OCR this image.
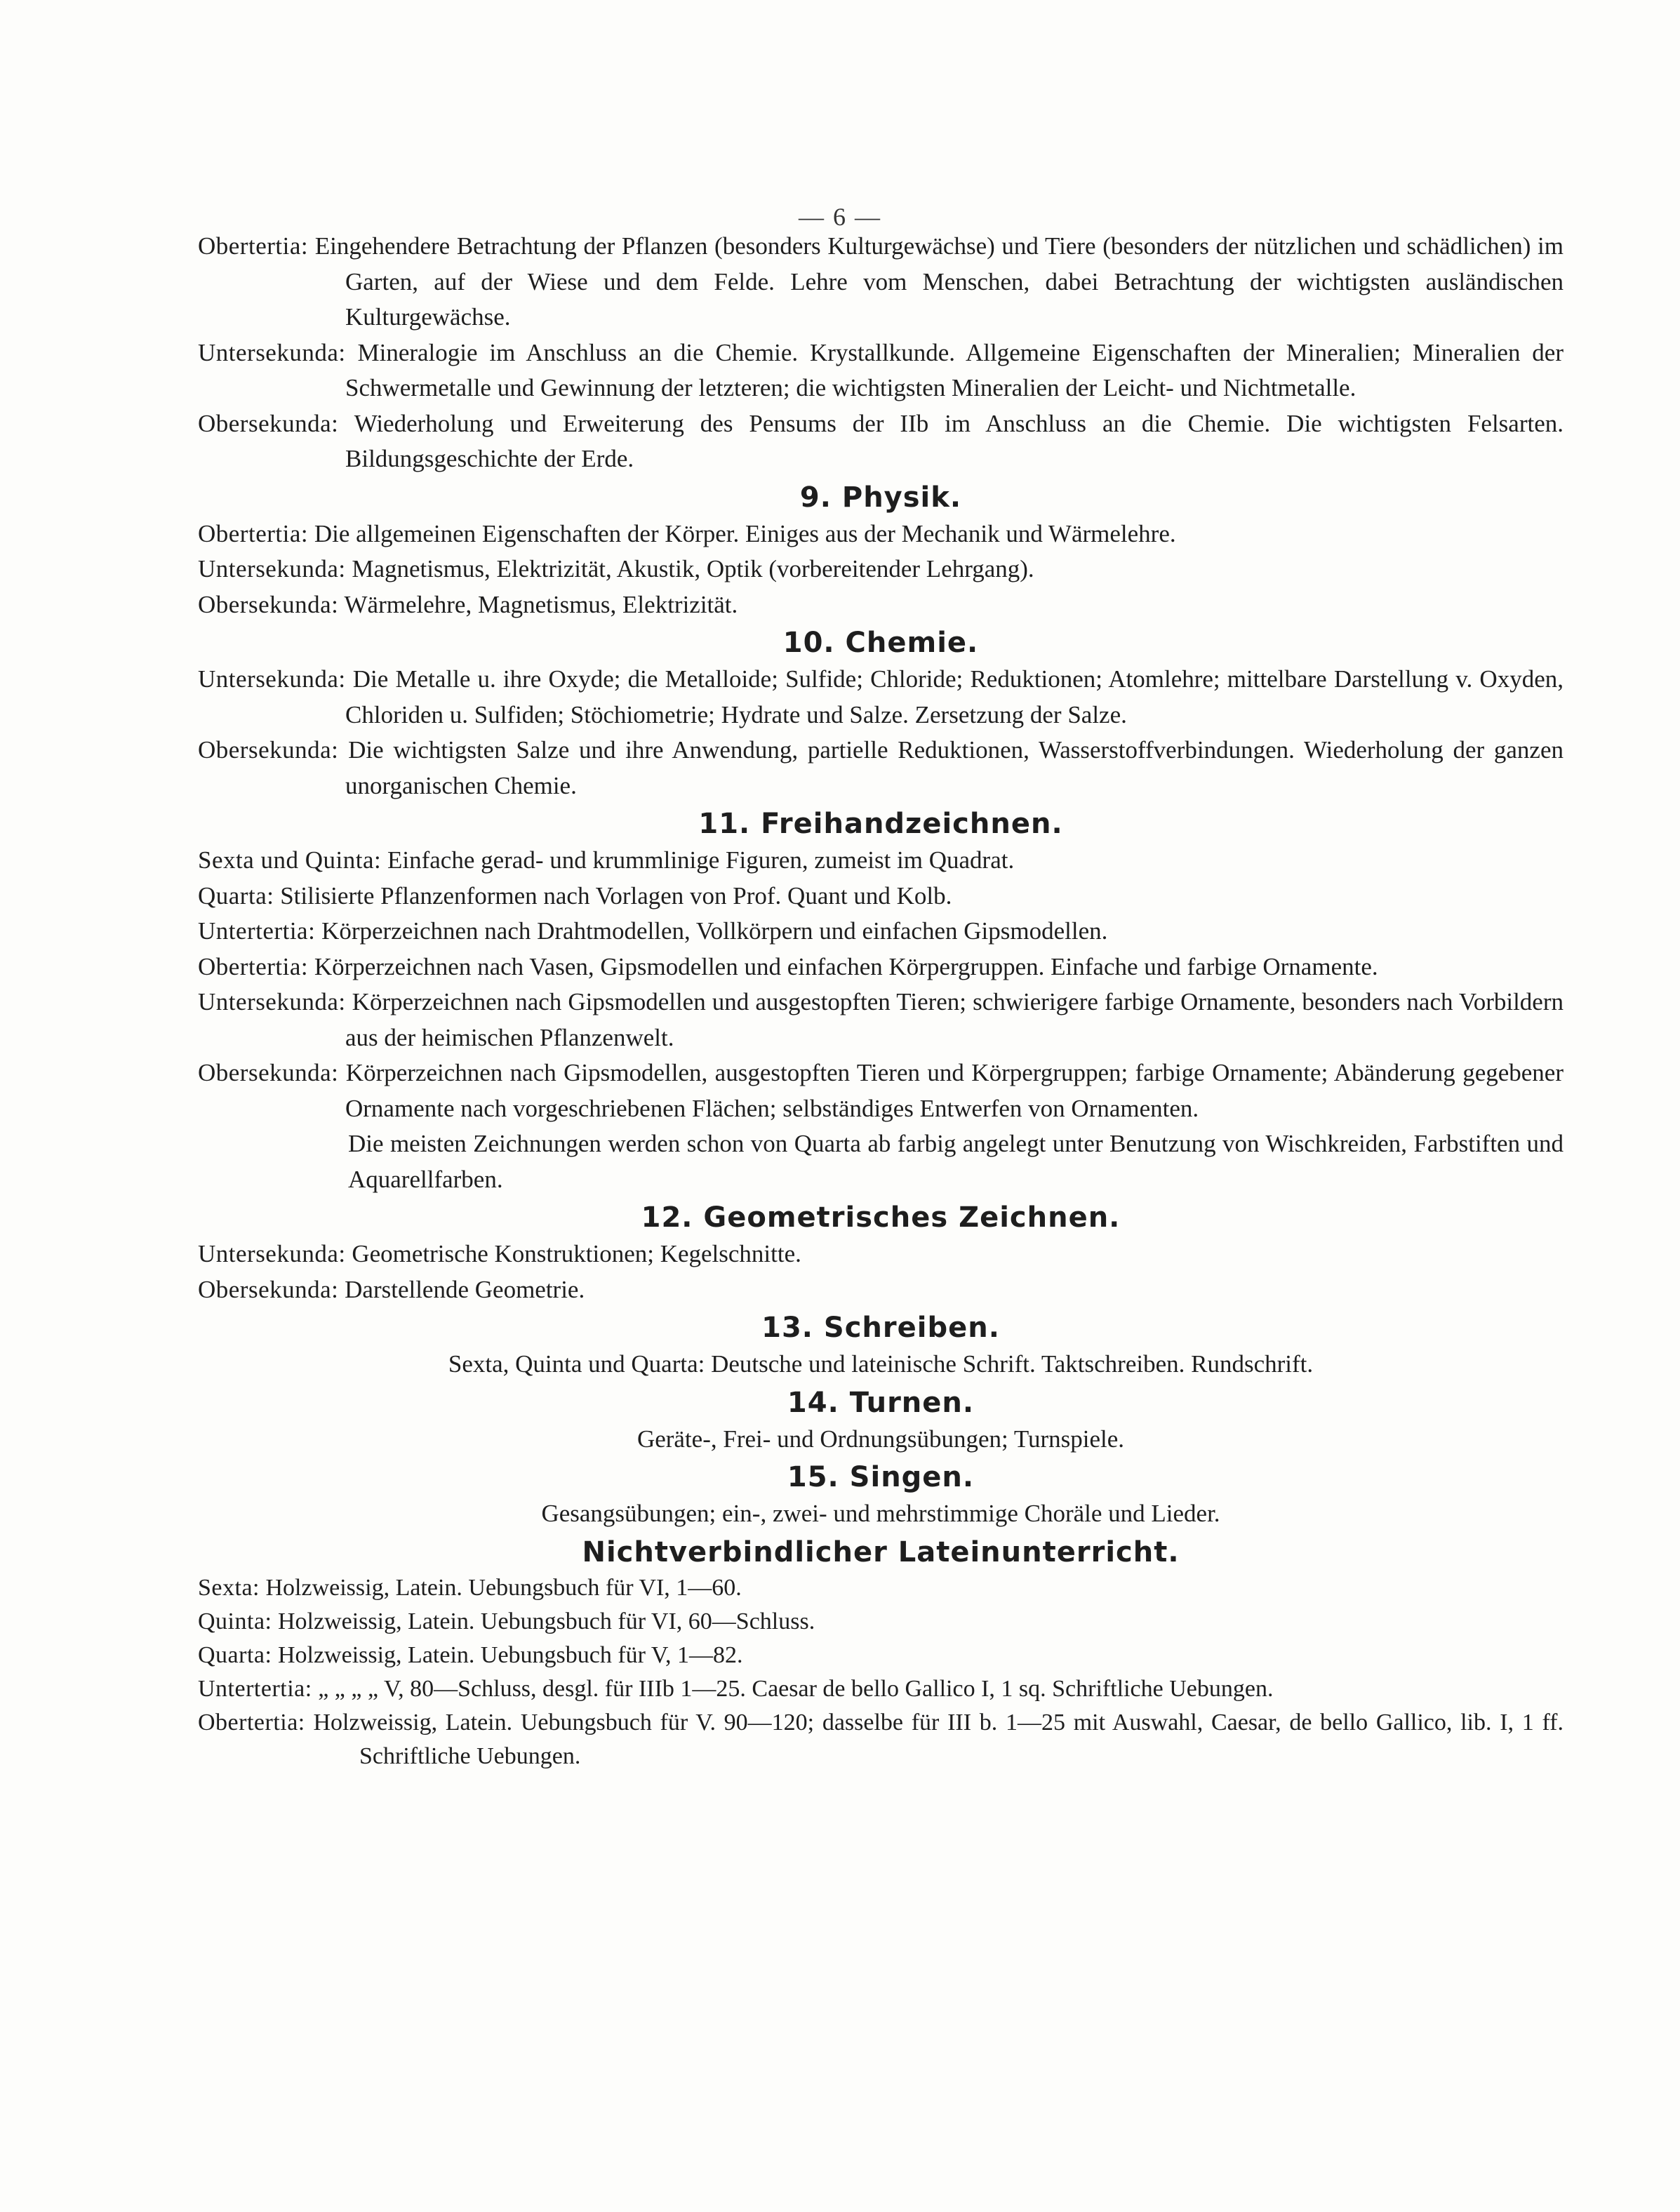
— 6 —
Obertertia: Eingehendere Betrachtung der Pflanzen (besonders Kulturgewächse) und Tiere (besonders der nützlichen und schädlichen) im Garten, auf der Wiese und dem Felde. Lehre vom Menschen, dabei Betrachtung der wichtigsten ausländischen Kulturgewächse.
Untersekunda: Mineralogie im Anschluss an die Chemie. Krystallkunde. Allgemeine Eigenschaften der Mineralien; Mineralien der Schwermetalle und Gewinnung der letzteren; die wichtigsten Mineralien der Leicht- und Nichtmetalle.
Obersekunda: Wiederholung und Erweiterung des Pensums der IIb im Anschluss an die Chemie. Die wichtigsten Felsarten. Bildungsgeschichte der Erde.
9. Physik.
Obertertia: Die allgemeinen Eigenschaften der Körper. Einiges aus der Mechanik und Wärmelehre.
Untersekunda: Magnetismus, Elektrizität, Akustik, Optik (vorbereitender Lehrgang).
Obersekunda: Wärmelehre, Magnetismus, Elektrizität.
10. Chemie.
Untersekunda: Die Metalle u. ihre Oxyde; die Metalloide; Sulfide; Chloride; Reduktionen; Atomlehre; mittelbare Darstellung v. Oxyden, Chloriden u. Sulfiden; Stöchiometrie; Hydrate und Salze. Zersetzung der Salze.
Obersekunda: Die wichtigsten Salze und ihre Anwendung, partielle Reduktionen, Wasserstoffverbindungen. Wiederholung der ganzen unorganischen Chemie.
11. Freihandzeichnen.
Sexta und Quinta: Einfache gerad- und krummlinige Figuren, zumeist im Quadrat.
Quarta: Stilisierte Pflanzenformen nach Vorlagen von Prof. Quant und Kolb.
Untertertia: Körperzeichnen nach Drahtmodellen, Vollkörpern und einfachen Gipsmodellen.
Obertertia: Körperzeichnen nach Vasen, Gipsmodellen und einfachen Körpergruppen. Einfache und farbige Ornamente.
Untersekunda: Körperzeichnen nach Gipsmodellen und ausgestopften Tieren; schwierigere farbige Ornamente, besonders nach Vorbildern aus der heimischen Pflanzenwelt.
Obersekunda: Körperzeichnen nach Gipsmodellen, ausgestopften Tieren und Körpergruppen; farbige Ornamente; Abänderung gegebener Ornamente nach vorgeschriebenen Flächen; selbständiges Entwerfen von Ornamenten.
Die meisten Zeichnungen werden schon von Quarta ab farbig angelegt unter Benutzung von Wischkreiden, Farbstiften und Aquarellfarben.
12. Geometrisches Zeichnen.
Untersekunda: Geometrische Konstruktionen; Kegelschnitte.
Obersekunda: Darstellende Geometrie.
13. Schreiben.
Sexta, Quinta und Quarta: Deutsche und lateinische Schrift. Taktschreiben. Rundschrift.
14. Turnen.
Geräte-, Frei- und Ordnungsübungen; Turnspiele.
15. Singen.
Gesangsübungen; ein-, zwei- und mehrstimmige Choräle und Lieder.
Nichtverbindlicher Lateinunterricht.
Sexta: Holzweissig, Latein. Uebungsbuch für VI, 1—60.
Quinta: Holzweissig, Latein. Uebungsbuch für VI, 60—Schluss.
Quarta: Holzweissig, Latein. Uebungsbuch für V, 1—82.
Untertertia: „ „ „ „ V, 80—Schluss, desgl. für IIIb 1—25. Caesar de bello Gallico I, 1 sq. Schriftliche Uebungen.
Obertertia: Holzweissig, Latein. Uebungsbuch für V. 90—120; dasselbe für III b. 1—25 mit Auswahl, Caesar, de bello Gallico, lib. I, 1 ff. Schriftliche Uebungen.
